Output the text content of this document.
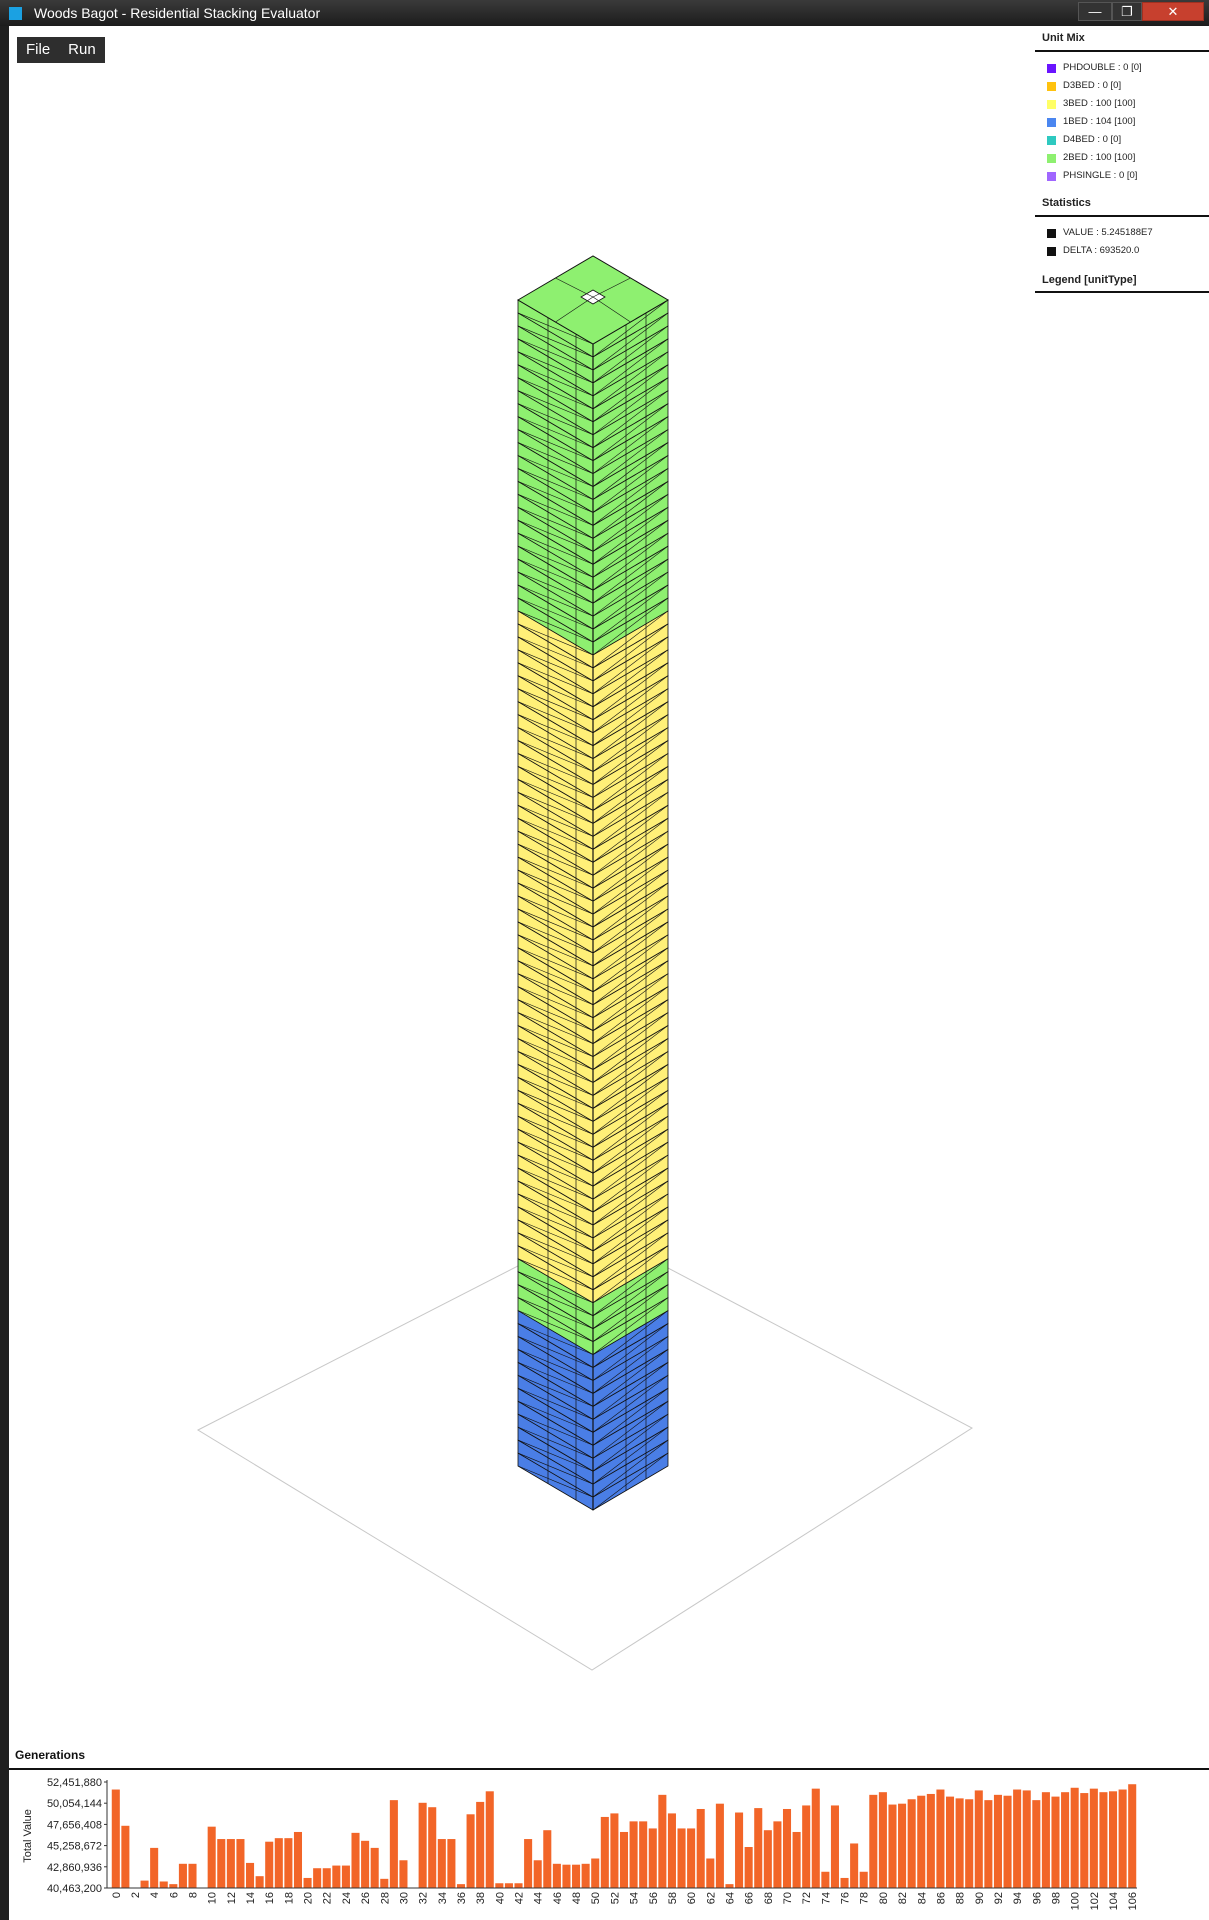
Woods Bagot - Residential Stacking Evaluator	—	❐	✕
File Run
Unit Mix
PHDOUBLE : 0 [0]
D3BED : 0 [0]
3BED : 100 [100]
1BED : 104 [100]
D4BED : 0 [0]
2BED : 100 [100]
PHSINGLE : 0 [0]
Statistics
VALUE : 5.245188E7
DELTA : 693520.0
Legend [unitType]
Generations
52,451,880
50,054,144
47,656,408
45,258,672
42,860,936
40,463,200
Total Value
0 2 4 6 8 10 12 14 16 18 20 22 24 26 28 30 32 34 36 38 40 42 44 46 48 50 52 54 56 58 60 62 64 66 68 70 72 74 76 78 80 82 84 86 88 90 92 94 96 98 100 102 104 106
